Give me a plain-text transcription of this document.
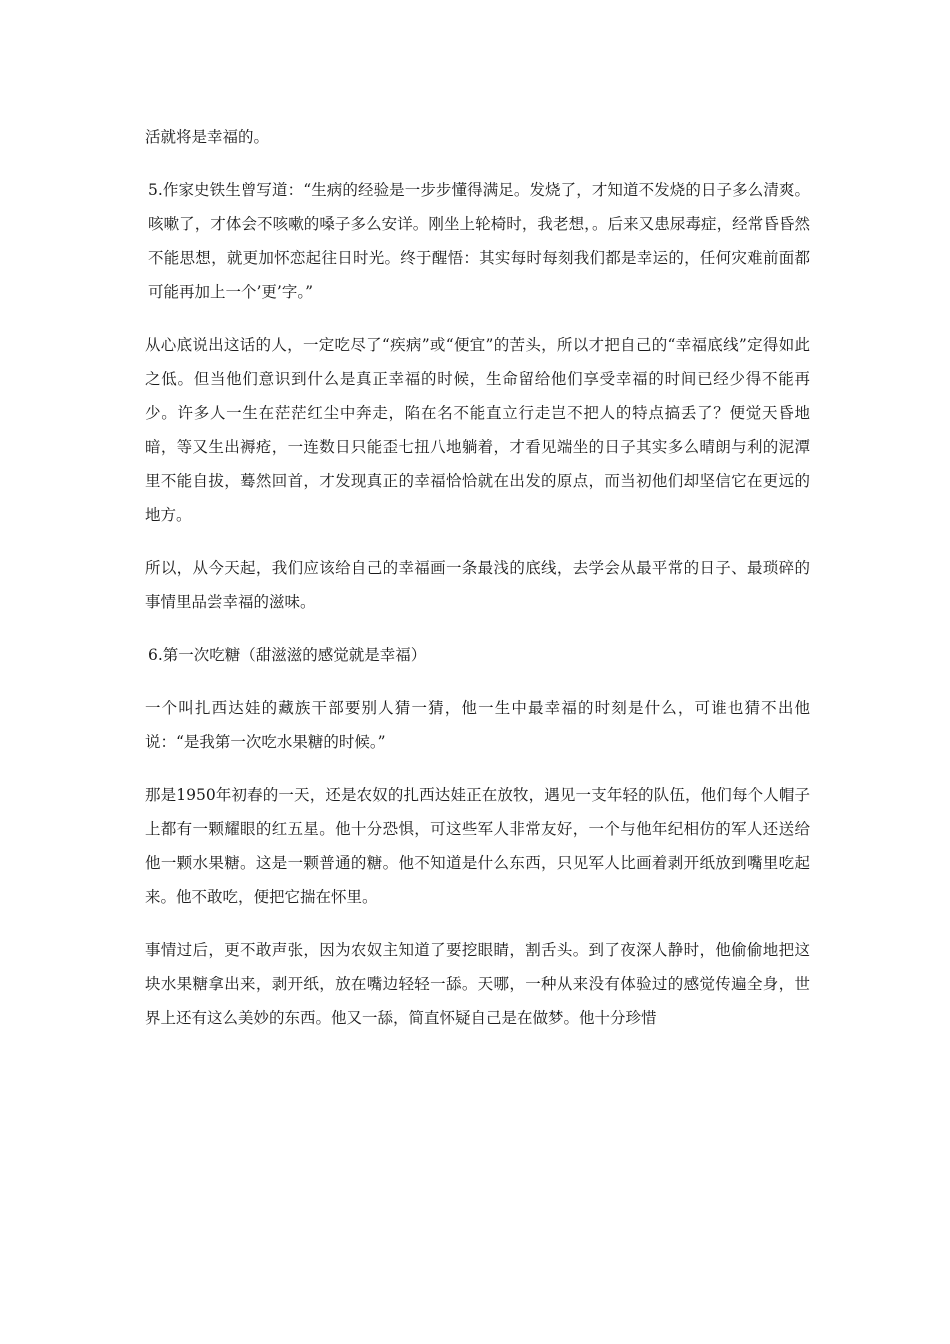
活就将是幸福的。

5.作家史铁生曾写道：“生病的经验是一步步懂得满足。发烧了，才知道不发烧的日子多么清爽。咳嗽了，才体会不咳嗽的嗓子多么安详。刚坐上轮椅时，我老想，。后来又患尿毒症，经常昏昏然不能思想，就更加怀恋起往日时光。终于醒悟：其实每时每刻我们都是幸运的，任何灾难前面都可能再加上一个’更’字。”

从心底说出这话的人，一定吃尽了“疾病”或“便宜”的苦头，所以才把自己的“幸福底线”定得如此之低。但当他们意识到什么是真正幸福的时候，生命留给他们享受幸福的时间已经少得不能再少。许多人一生在茫茫红尘中奔走，陷在名不能直立行走岂不把人的特点搞丢了？便觉天昏地暗，等又生出褥疮，一连数日只能歪七扭八地躺着，才看见端坐的日子其实多么晴朗与利的泥潭里不能自拔，蓦然回首，才发现真正的幸福恰恰就在出发的原点，而当初他们却坚信它在更远的地方。

所以，从今天起，我们应该给自己的幸福画一条最浅的底线，去学会从最平常的日子、最琐碎的事情里品尝幸福的滋味。

6.第一次吃糖（甜滋滋的感觉就是幸福）

一个叫扎西达娃的藏族干部要别人猜一猜，他一生中最幸福的时刻是什么，可谁也猜不出他说：“是我第一次吃水果糖的时候。”

那是1950年初春的一天，还是农奴的扎西达娃正在放牧，遇见一支年轻的队伍，他们每个人帽子上都有一颗耀眼的红五星。他十分恐惧，可这些军人非常友好，一个与他年纪相仿的军人还送给他一颗水果糖。这是一颗普通的糖。他不知道是什么东西，只见军人比画着剥开纸放到嘴里吃起来。他不敢吃，便把它揣在怀里。

事情过后，更不敢声张，因为农奴主知道了要挖眼睛，割舌头。到了夜深人静时，他偷偷地把这块水果糖拿出来，剥开纸，放在嘴边轻轻一舔。天哪，一种从来没有体验过的感觉传遍全身，世界上还有这么美妙的东西。他又一舔，简直怀疑自己是在做梦。他十分珍惜
